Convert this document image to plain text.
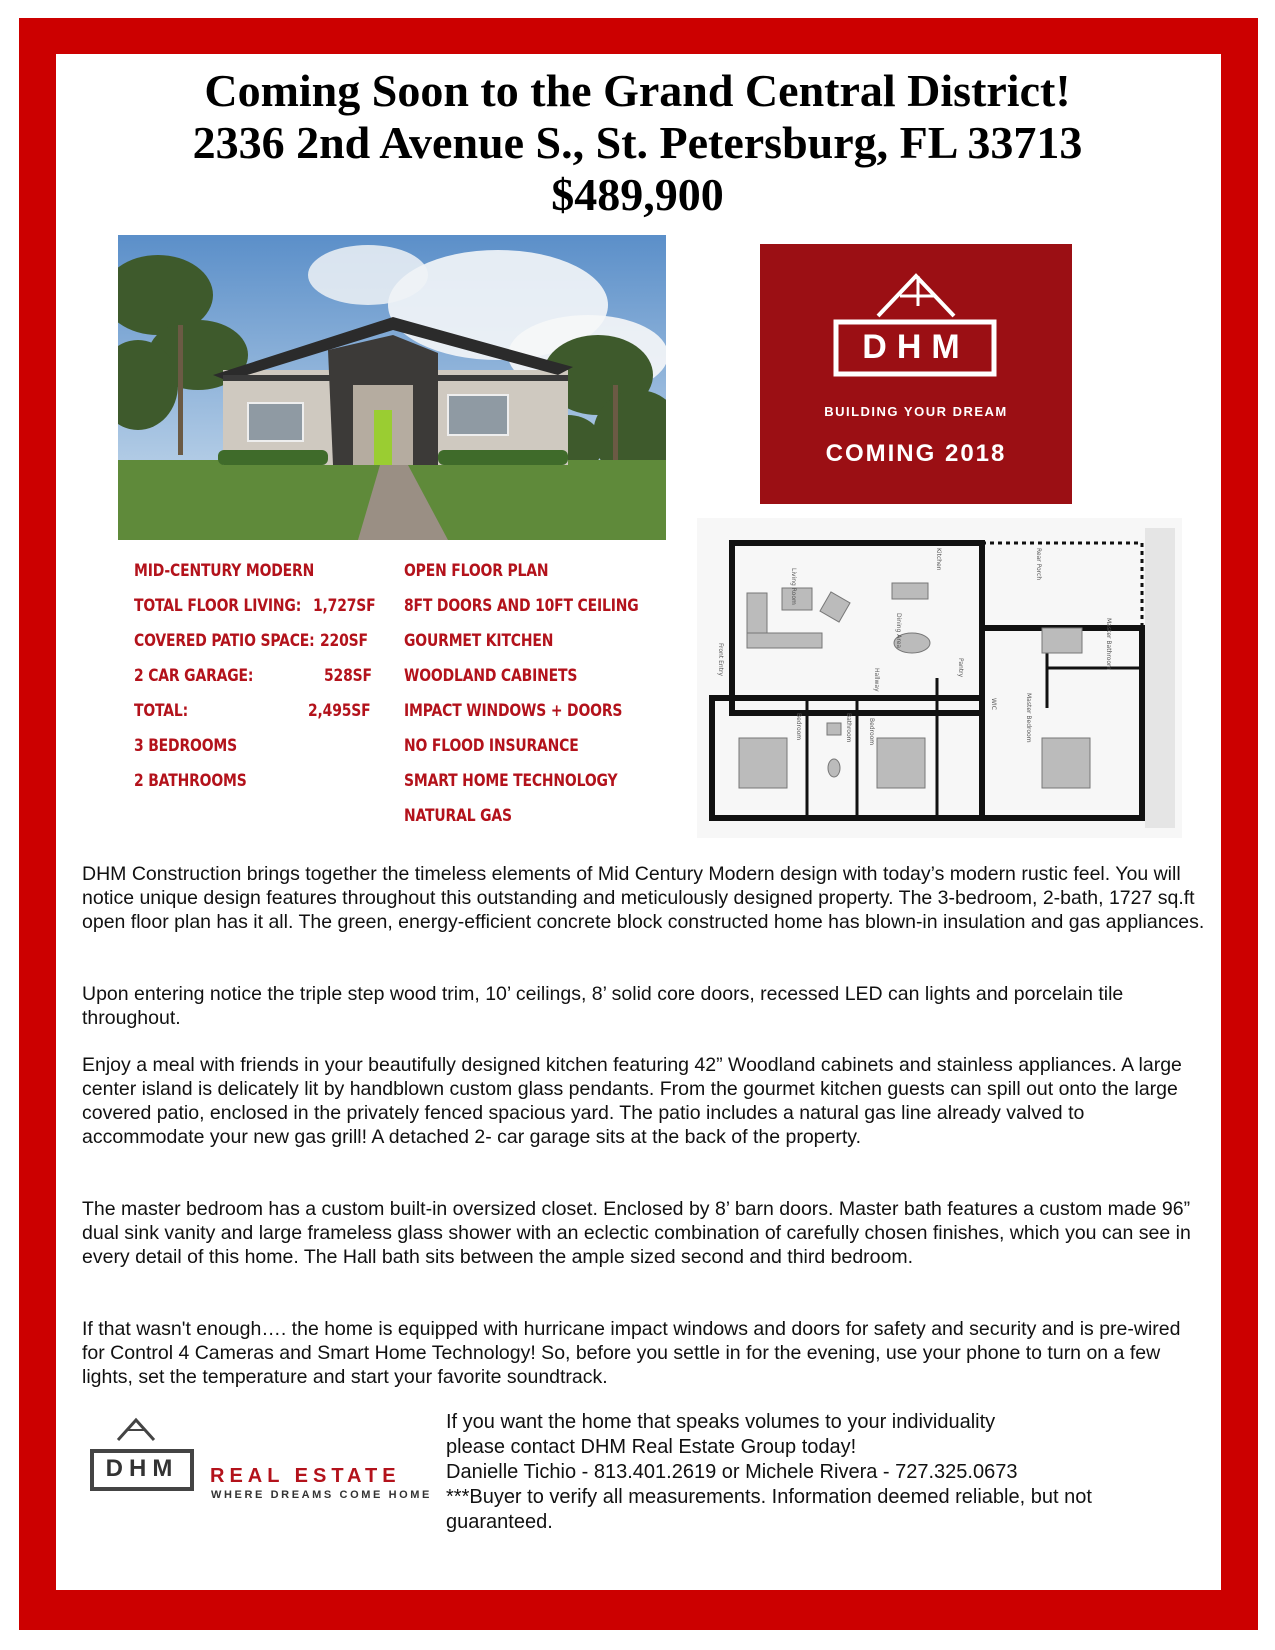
Coming Soon to the Grand Central District!
2336 2nd Avenue S., St. Petersburg, FL 33713
$489,900
DHM
BUILDING YOUR DREAM
COMING 2018
MID-CENTURY MODERN
TOTAL FLOOR LIVING: 1,727SF
COVERED PATIO SPACE: 220SF
2 CAR GARAGE:	528SF
TOTAL:	2,495SF
3 BEDROOMS
2 BATHROOMS
OPEN FLOOR PLAN
8FT DOORS AND 10FT CEILING
GOURMET KITCHEN
WOODLAND CABINETS
IMPACT WINDOWS + DOORS
NO FLOOD INSURANCE
SMART HOME TECHNOLOGY
NATURAL GAS
Living Room
Kitchen
Dining Area
Rear Porch
Front Entry
Hallway
Pantry	Master Bathroom
Master Bedroom
WIC
Bedroom	Bathroom	Bedroom

DHM Construction brings together the timeless elements of Mid Century Modern design with today’s modern rustic feel. You will notice unique design features throughout this outstanding and meticulously designed property. The 3-bedroom, 2-bath, 1727 sq.ft open floor plan has it all. The green, energy-efficient concrete block constructed home has blown-in insulation and gas appliances.

Upon entering notice the triple step wood trim, 10’ ceilings, 8’ solid core doors, recessed LED can lights and porcelain tile throughout.

Enjoy a meal with friends in your beautifully designed kitchen featuring 42” Woodland cabinets and stainless appliances. A large center island is delicately lit by handblown custom glass pendants. From the gourmet kitchen guests can spill out onto the large covered patio, enclosed in the privately fenced spacious yard. The patio includes a natural gas line already valved to accommodate your new gas grill! A detached 2- car garage sits at the back of the property.

The master bedroom has a custom built-in oversized closet. Enclosed by 8’ barn doors. Master bath features a custom made 96” dual sink vanity and large frameless glass shower with an eclectic combination of carefully chosen finishes, which you can see in every detail of this home. The Hall bath sits between the ample sized second and third bedroom.

If that wasn't enough…. the home is equipped with hurricane impact windows and doors for safety and security and is pre-wired for Control 4 Cameras and Smart Home Technology! So, before you settle in for the evening, use your phone to turn on a few lights, set the temperature and start your favorite soundtrack.

DHM	REAL ESTATE
WHERE DREAMS COME HOME
If you want the home that speaks volumes to your individuality
please contact DHM Real Estate Group today!
Danielle Tichio - 813.401.2619 or Michele Rivera - 727.325.0673
***Buyer to verify all measurements. Information deemed reliable, but not
guaranteed.
